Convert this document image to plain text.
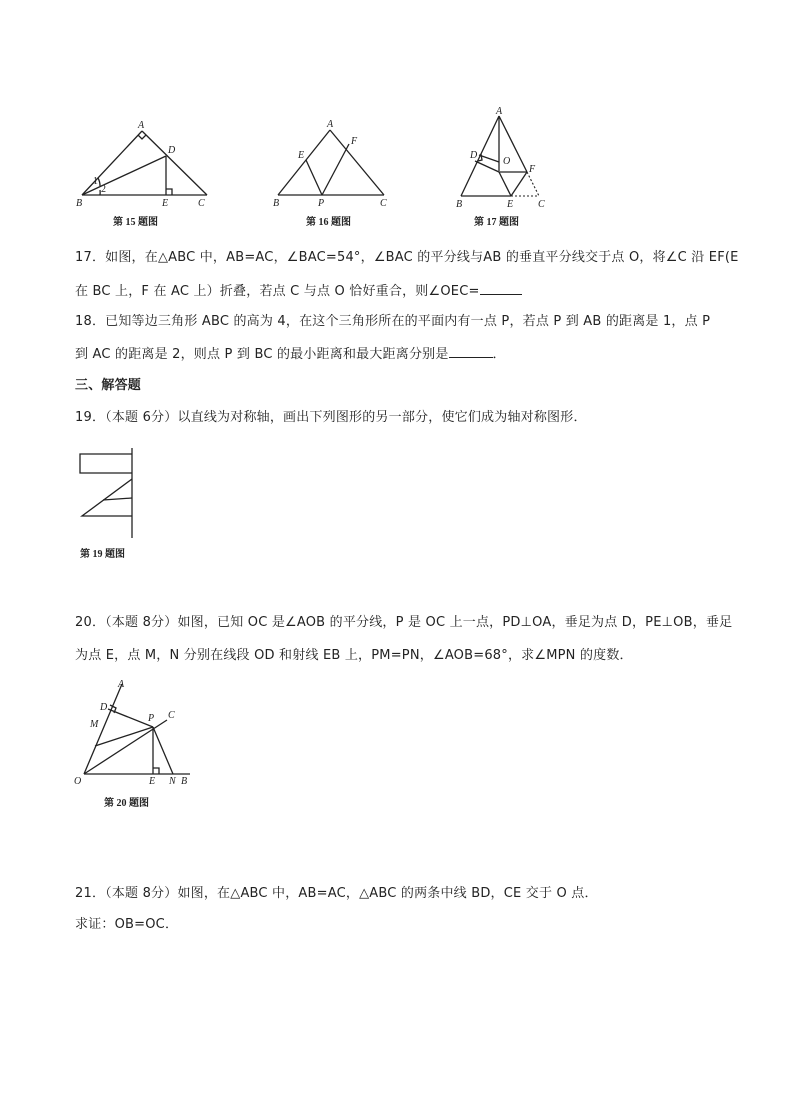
A
D
1
2
B	E	C
第 15 题图
A
E
F
B	P	C
第 16 题图
A
D
O
F
B	E C
第 17 题图
17．如图，在△ABC 中，AB=AC，∠BAC=54°，∠BAC 的平分线与AB 的垂直平分线交于点 O，将∠C 沿 EF(E
在 BC 上，F 在 AC 上）折叠，若点 C 与点 O 恰好重合，则∠OEC=
18．已知等边三角形 ABC 的高为 4，在这个三角形所在的平面内有一点 P，若点 P 到 AB 的距离是 1，点 P
到 AC 的距离是 2，则点 P 到 BC 的最小距离和最大距离分别是	．
三、解答题
19．（本题 6分）以直线为对称轴，画出下列图形的另一部分，使它们成为轴对称图形．
第 19 题图
20．（本题 8分）如图，已知 OC 是∠AOB 的平分线，P 是 OC 上一点，PD⊥OA，垂足为点 D，PE⊥OB，垂足
为点 E，点 M，N 分别在线段 OD 和射线 EB 上，PM=PN，∠AOB=68°，求∠MPN 的度数．
A
D
M
P C
O	E N B
第 20 题图
21．（本题 8分）如图，在△ABC 中，AB=AC，△ABC 的两条中线 BD，CE 交于 O 点．
求证：OB=OC．
